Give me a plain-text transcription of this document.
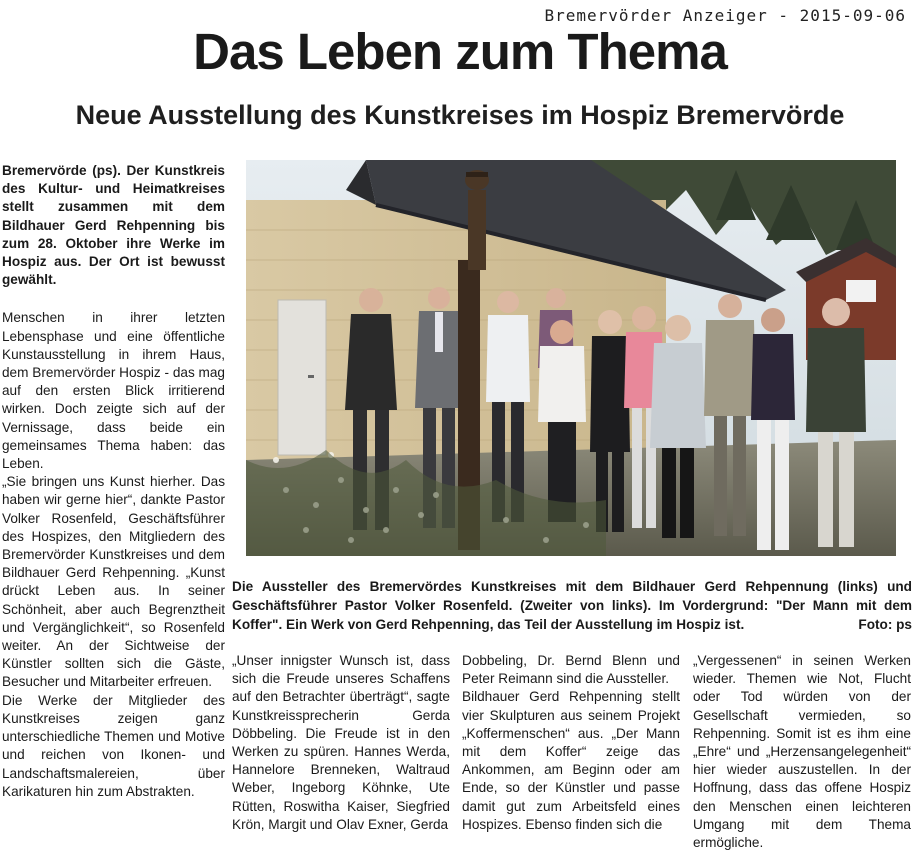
Bremervörder Anzeiger - 2015-09-06
Das Leben zum Thema
Neue Ausstellung des Kunstkreises im Hospiz Bremervörde

Bremervörde (ps). Der Kunstkreis des Kultur- und Heimatkreises stellt zusammen mit dem Bildhauer Gerd Rehpenning bis zum 28. Oktober ihre Werke im Hospiz aus. Der Ort ist bewusst gewählt.

Menschen in ihrer letzten Lebensphase und eine öffentliche Kunstausstellung in ihrem Haus, dem Bremervörder Hospiz - das mag auf den ersten Blick irritierend wirken. Doch zeigte sich auf der Vernissage, dass beide ein gemeinsames Thema haben: das Leben.

„Sie bringen uns Kunst hierher. Das haben wir gerne hier“, dankte Pastor Volker Rosenfeld, Geschäftsführer des Hospizes, den Mitgliedern des Bremervörder Kunstkreises und dem Bildhauer Gerd Rehpenning. „Kunst drückt Leben aus. In seiner Schönheit, aber auch Begrenztheit und Vergänglichkeit“, so Rosenfeld weiter. An der Sichtweise der Künstler sollten sich die Gäste, Besucher und Mitarbeiter erfreuen.

Die Werke der Mitglieder des Kunstkreises zeigen ganz unterschiedliche Themen und Motive und reichen von Ikonen- und Landschaftsmalereien, über Karikaturen hin zum Abstrakten.

Die Aussteller des Bremervördes Kunstkreises mit dem Bildhauer Gerd Rehpennung (links) und Geschäftsführer Pastor Volker Rosenfeld. (Zweiter von links). Im Vordergrund: "Der Mann mit dem Koffer". Ein Werk von Gerd Rehpenning, das Teil der Ausstellung im Hospiz ist.	Foto: ps

„Unser innigster Wunsch ist, dass sich die Freude unseres Schaffens auf den Betrachter überträgt“, sagte Kunstkreissprecherin Gerda Döbbeling. Die Freude ist in den Werken zu spüren. Hannes Werda, Hannelore Brenneken, Waltraud Weber, Ingeborg Köhnke, Ute Rütten, Roswitha Kaiser, Siegfried Krön, Margit und Olav Exner, Gerda

Dobbeling, Dr. Bernd Blenn und Peter Reimann sind die Aussteller.

Bildhauer Gerd Rehpenning stellt vier Skulpturen aus seinem Projekt „Koffermenschen“ aus. „Der Mann mit dem Koffer“ zeige das Ankommen, am Beginn oder am Ende, so der Künstler und passe damit gut zum Arbeitsfeld eines Hospizes. Ebenso finden sich die

„Vergessenen“ in seinen Werken wieder. Themen wie Not, Flucht oder Tod würden von der Gesellschaft vermieden, so Rehpenning. Somit ist es ihm eine „Ehre“ und „Herzensangelegenheit“ hier wieder auszustellen. In der Hoffnung, dass das offene Hospiz den Menschen einen leichteren Umgang mit dem Thema ermögliche.
